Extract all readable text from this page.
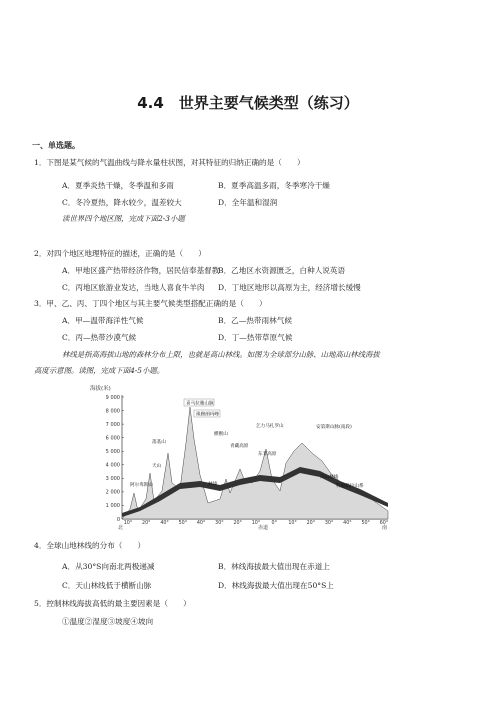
4.4　世界主要气候类型（练习）
一、单选题。
1．下图是某气候的气温曲线与降水量柱状图，对其特征的归纳正确的是（　　）
A．夏季炎热干燥，冬季温和多雨	B．夏季高温多雨，冬季寒冷干燥
C．冬冷夏热，降水较少，温差较大	D．全年温和湿润
读世界四个地区图，完成下面2-3小题
2．对四个地区地理特征的描述，正确的是（　　）
A．甲地区盛产热带经济作物，居民信奉基督教
B．乙地区水资源匮乏，白种人说英语
C．丙地区旅游业发达，当地人喜食牛羊肉 D．丁地区地形以高原为主，经济增长缓慢
3．甲、乙、丙、丁四个地区与其主要气候类型搭配正确的是（　　）
A．甲—温带海洋性气候	B．乙—热带雨林气候
C．丙—热带沙漠气候	D．丁—热带草原气候
林线是指高海拔山地的森林分布上限，也就是高山林线。如图为全球部分山脉、山地高山林线海拔
高度示意图。读图，完成下面4-5小题。
海拔(米)
9 000
8 000
7 000
6 000
5 000
4 000
3 000
2 000
1 000
0
10° 20° 40° 50° 40° 30° 20° 10° 0° 10° 20° 30° 40° 50° 60°
喜马拉雅山脉
珠穆朗玛峰
乞力马扎罗山	安第斯山脉(南段)
横断山
落基山
天山
阿尔卑斯山
高山林线
林线
东非高原
青藏高原
科迪勒拉山系
北	赤道	南
4．全球山地林线的分布（　　）
A．从30°S向南北两极递减	B．林线海拔最大值出现在赤道上
C．天山林线低于横断山脉	D．林线海拔最大值出现在50°S上
5．控制林线海拔高低的最主要因素是（　　）
①温度②湿度③坡度④坡向
